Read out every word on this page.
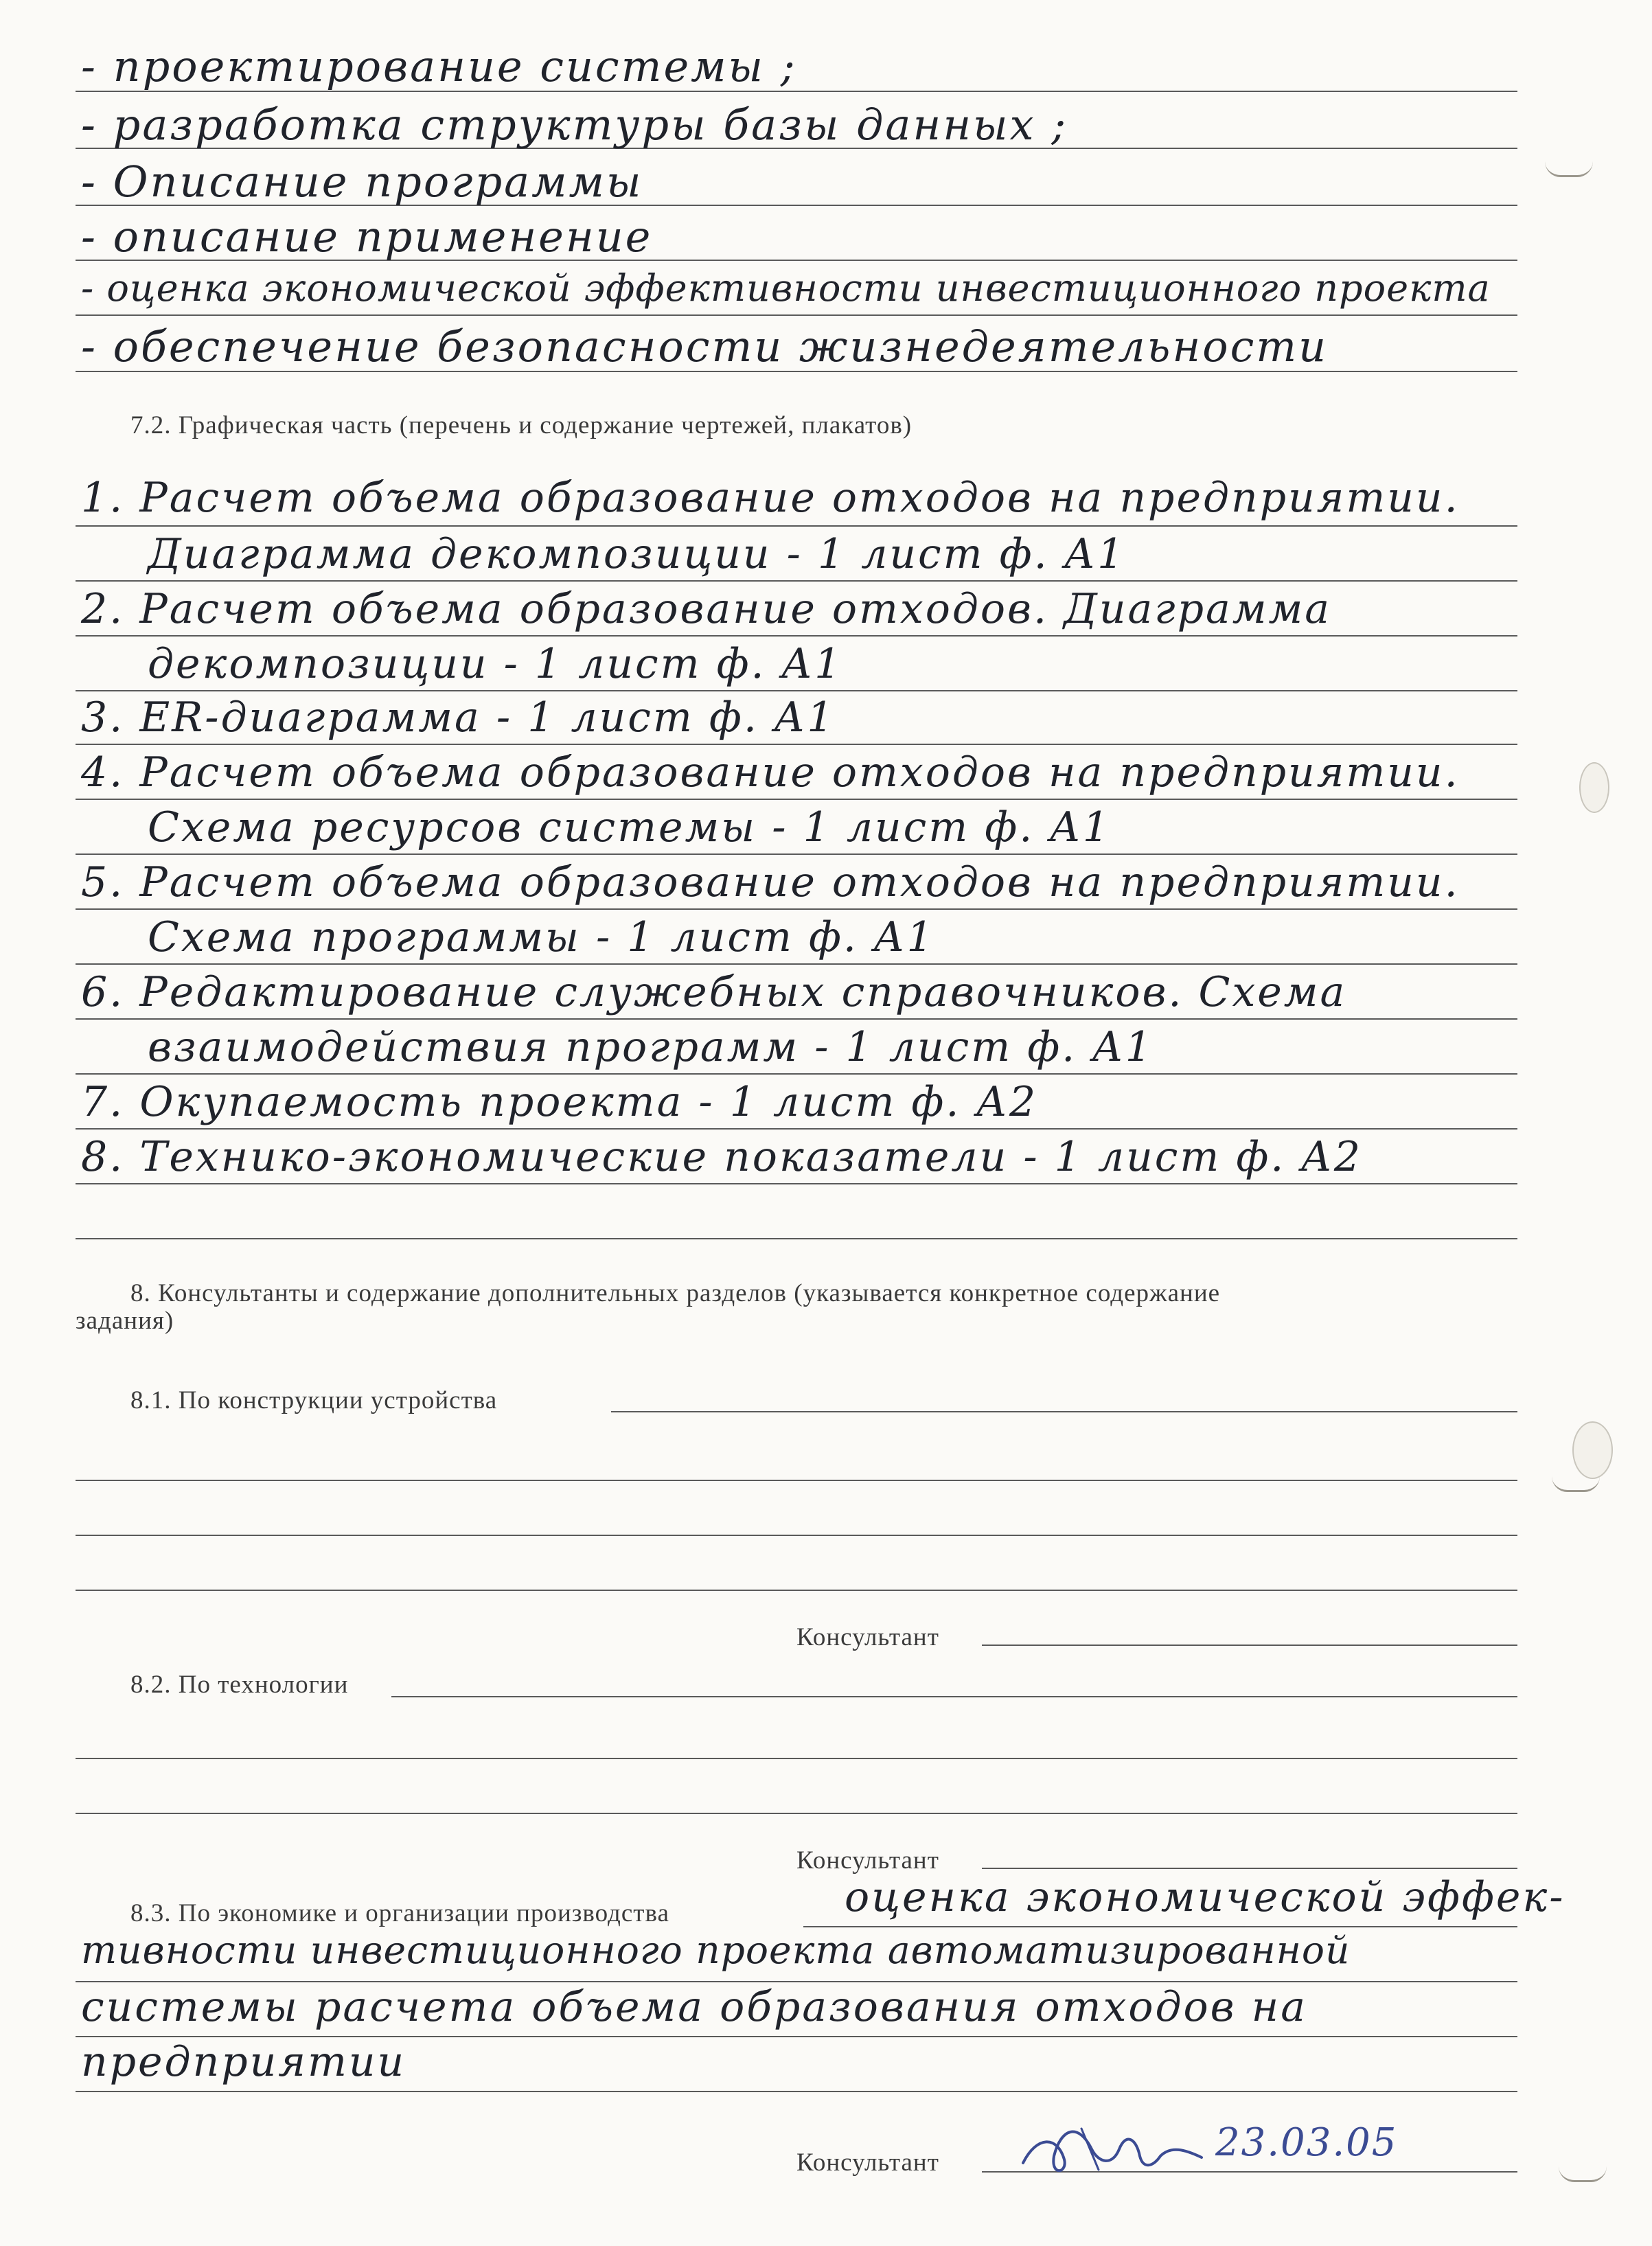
- проектирование системы ;
- разработка структуры базы данных ;
- Описание программы
- описание применение
- оценка экономической эффективности инвестиционного проекта
- обеспечение безопасности жизнедеятельности
7.2. Графическая часть (перечень и содержание чертежей, плакатов)
1. Расчет объема образование отходов на предприятии.
Диаграмма декомпозиции - 1 лист ф. А1
2. Расчет объема образование отходов. Диаграмма
декомпозиции - 1 лист ф. А1
3. ER-диаграмма - 1 лист ф. А1
4. Расчет объема образование отходов на предприятии.
Схема ресурсов системы - 1 лист ф. А1
5. Расчет объема образование отходов на предприятии.
Схема программы - 1 лист ф. А1
6. Редактирование служебных справочников. Схема
взаимодействия программ - 1 лист ф. А1
7. Окупаемость проекта - 1 лист ф. А2
8. Технико-экономические показатели - 1 лист ф. А2
8. Консультанты и содержание дополнительных разделов (указывается конкретное содержание
задания)
8.1. По конструкции устройства
Консультант
8.2. По технологии
Консультант
8.3. По экономике и организации производства	оценка экономической эффек-
тивности инвестиционного проекта автоматизированной
системы расчета объема образования отходов на
предприятии
Консультант	23.03.05
